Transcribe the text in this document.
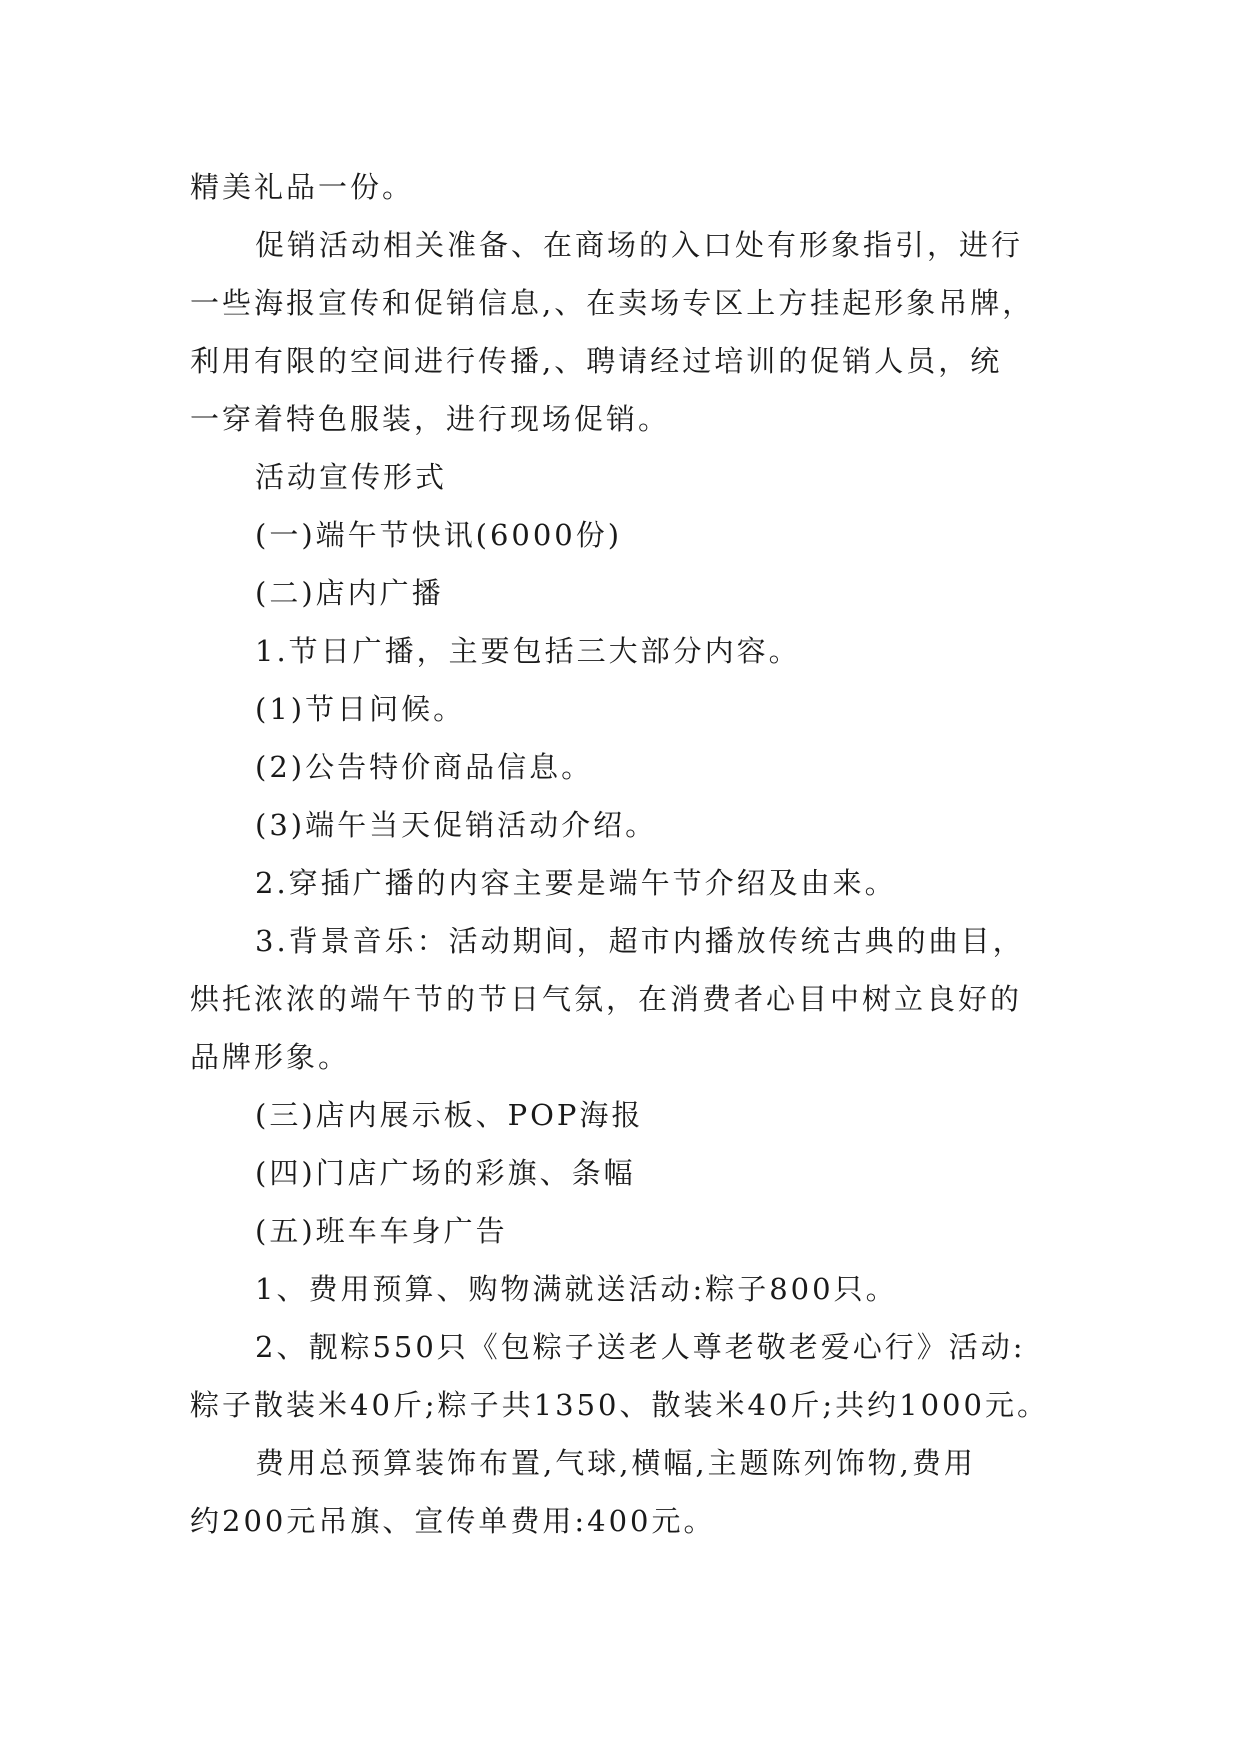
精美礼品一份。

促销活动相关准备、在商场的入口处有形象指引，进行

一些海报宣传和促销信息,、在卖场专区上方挂起形象吊牌，

利用有限的空间进行传播,、聘请经过培训的促销人员，统

一穿着特色服装，进行现场促销。

活动宣传形式

(一)端午节快讯(6000份)

(二)店内广播

1.节日广播，主要包括三大部分内容。

(1)节日问候。

(2)公告特价商品信息。

(3)端午当天促销活动介绍。

2.穿插广播的内容主要是端午节介绍及由来。

3.背景音乐：活动期间，超市内播放传统古典的曲目，

烘托浓浓的端午节的节日气氛，在消费者心目中树立良好的

品牌形象。

(三)店内展示板、POP海报

(四)门店广场的彩旗、条幅

(五)班车车身广告

1、费用预算、购物满就送活动:粽子800只。

2、靓粽550只《包粽子送老人尊老敬老爱心行》活动:

粽子散装米40斤;粽子共1350、散装米40斤;共约1000元。

费用总预算装饰布置,气球,横幅,主题陈列饰物,费用

约200元吊旗、宣传单费用:400元。
